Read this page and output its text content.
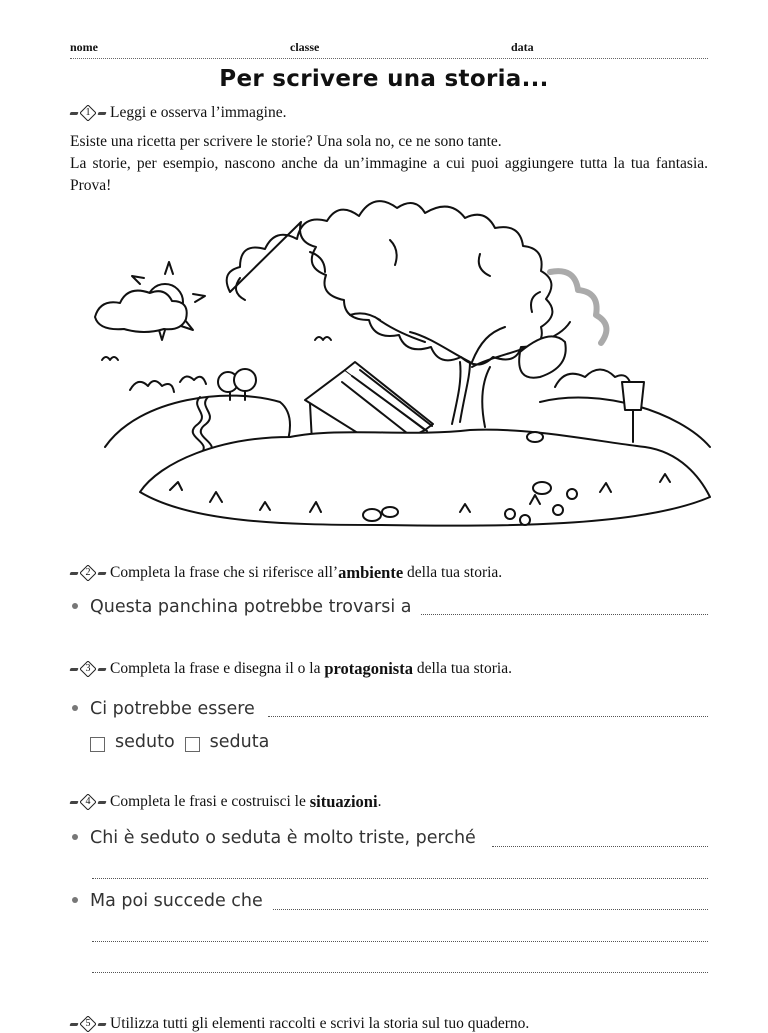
nome	classe	data
Per scrivere una storia...
1	Leggi e osserva l’immagine.
Esiste una ricetta per scrivere le storie? Una sola no, ce ne sono tante.
La storie, per esempio, nascono anche da un’immagine a cui puoi aggiungere tutta la tua fantasia. Prova!
2	Completa la frase che si riferisce all’ ambiente della tua storia.
Questa panchina potrebbe trovarsi a
3	Completa la frase e disegna il o la protagonista della tua storia.
Ci potrebbe essere
seduto seduta
4	Completa le frasi e costruisci le situazioni .
Chi è seduto o seduta è molto triste, perché
Ma poi succede che
5	Utilizza tutti gli elementi raccolti e scrivi la storia sul tuo quaderno.
